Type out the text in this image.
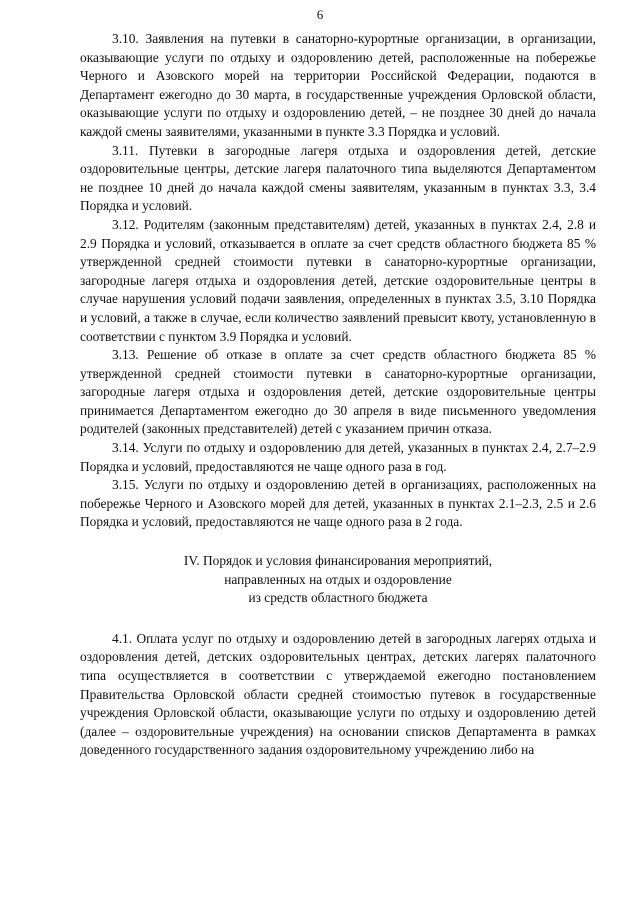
6

3.10. Заявления на путевки в санаторно-курортные организации, в организации, оказывающие услуги по отдыху и оздоровлению детей, расположенные на побережье Черного и Азовского морей на территории Российской Федерации, подаются в Департамент ежегодно до 30 марта, в государственные учреждения Орловской области, оказывающие услуги по отдыху и оздоровлению детей, – не позднее 30 дней до начала каждой смены заявителями, указанными в пункте 3.3 Порядка и условий.

3.11. Путевки в загородные лагеря отдыха и оздоровления детей, детские оздоровительные центры, детские лагеря палаточного типа выделяются Департаментом не позднее 10 дней до начала каждой смены заявителям, указанным в пунктах 3.3, 3.4 Порядка и условий.

3.12. Родителям (законным представителям) детей, указанных в пунктах 2.4, 2.8 и 2.9 Порядка и условий, отказывается в оплате за счет средств областного бюджета 85 % утвержденной средней стоимости путевки в санаторно-курортные организации, загородные лагеря отдыха и оздоровления детей, детские оздоровительные центры в случае нарушения условий подачи заявления, определенных в пунктах 3.5, 3.10 Порядка и условий, а также в случае, если количество заявлений превысит квоту, установленную в соответствии с пунктом 3.9 Порядка и условий.

3.13. Решение об отказе в оплате за счет средств областного бюджета 85 % утвержденной средней стоимости путевки в санаторно-курортные организации, загородные лагеря отдыха и оздоровления детей, детские оздоровительные центры принимается Департаментом ежегодно до 30 апреля в виде письменного уведомления родителей (законных представителей) детей с указанием причин отказа.

3.14. Услуги по отдыху и оздоровлению для детей, указанных в пунктах 2.4, 2.7–2.9 Порядка и условий, предоставляются не чаще одного раза в год.

3.15. Услуги по отдыху и оздоровлению детей в организациях, расположенных на побережье Черного и Азовского морей для детей, указанных в пунктах 2.1–2.3, 2.5 и 2.6 Порядка и условий, предоставляются не чаще одного раза в 2 года.

IV. Порядок и условия финансирования мероприятий,
направленных на отдых и оздоровление
из средств областного бюджета

4.1. Оплата услуг по отдыху и оздоровлению детей в загородных лагерях отдыха и оздоровления детей, детских оздоровительных центрах, детских лагерях палаточного типа осуществляется в соответствии с утверждаемой ежегодно постановлением Правительства Орловской области средней стоимостью путевок в государственные учреждения Орловской области, оказывающие услуги по отдыху и оздоровлению детей (далее – оздоровительные учреждения) на основании списков Департамента в рамках доведенного государственного задания оздоровительному учреждению либо на
